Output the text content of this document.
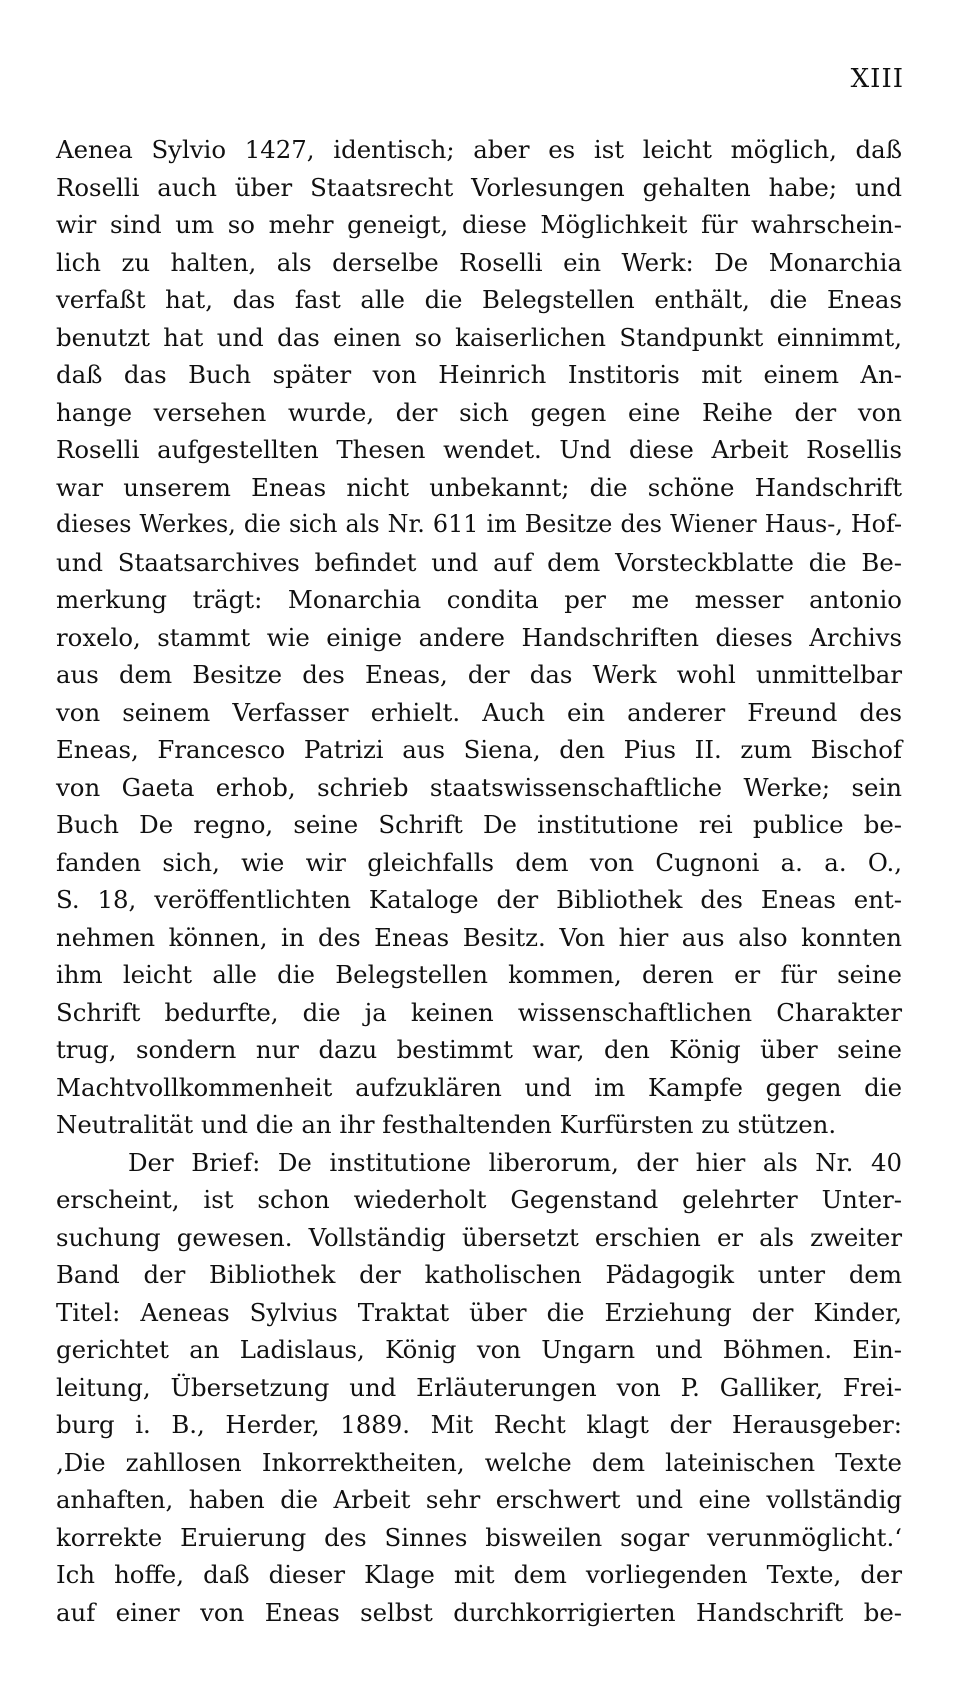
XIII
Aenea Sylvio 1427, identisch; aber es ist leicht möglich, daß
Roselli auch über Staatsrecht Vorlesungen gehalten habe; und
wir sind um so mehr geneigt, diese Möglichkeit für wahrschein-
lich zu halten, als derselbe Roselli ein Werk: De Monarchia
verfaßt hat, das fast alle die Belegstellen enthält, die Eneas
benutzt hat und das einen so kaiserlichen Standpunkt einnimmt,
daß das Buch später von Heinrich Institoris mit einem An-
hange versehen wurde, der sich gegen eine Reihe der von
Roselli aufgestellten Thesen wendet. Und diese Arbeit Rosellis
war unserem Eneas nicht unbekannt; die schöne Handschrift
dieses Werkes, die sich als Nr. 611 im Besitze des Wiener Haus-, Hof-
und Staatsarchives befindet und auf dem Vorsteckblatte die Be-
merkung trägt: Monarchia condita per me messer antonio
roxelo, stammt wie einige andere Handschriften dieses Archivs
aus dem Besitze des Eneas, der das Werk wohl unmittelbar
von seinem Verfasser erhielt. Auch ein anderer Freund des
Eneas, Francesco Patrizi aus Siena, den Pius II. zum Bischof
von Gaeta erhob, schrieb staatswissenschaftliche Werke; sein
Buch De regno, seine Schrift De institutione rei publice be-
fanden sich, wie wir gleichfalls dem von Cugnoni a. a. O.,
S. 18, veröffentlichten Kataloge der Bibliothek des Eneas ent-
nehmen können, in des Eneas Besitz. Von hier aus also konnten
ihm leicht alle die Belegstellen kommen, deren er für seine
Schrift bedurfte, die ja keinen wissenschaftlichen Charakter
trug, sondern nur dazu bestimmt war, den König über seine
Machtvollkommenheit aufzuklären und im Kampfe gegen die
Neutralität und die an ihr festhaltenden Kurfürsten zu stützen.
Der Brief: De institutione liberorum, der hier als Nr. 40
erscheint, ist schon wiederholt Gegenstand gelehrter Unter-
suchung gewesen. Vollständig übersetzt erschien er als zweiter
Band der Bibliothek der katholischen Pädagogik unter dem
Titel: Aeneas Sylvius Traktat über die Erziehung der Kinder,
gerichtet an Ladislaus, König von Ungarn und Böhmen. Ein-
leitung, Übersetzung und Erläuterungen von P. Galliker, Frei-
burg i. B., Herder, 1889. Mit Recht klagt der Herausgeber:
‚Die zahllosen Inkorrektheiten, welche dem lateinischen Texte
anhaften, haben die Arbeit sehr erschwert und eine vollständig
korrekte Eruierung des Sinnes bisweilen sogar verunmöglicht.‘
Ich hoffe, daß dieser Klage mit dem vorliegenden Texte, der
auf einer von Eneas selbst durchkorrigierten Handschrift be-
